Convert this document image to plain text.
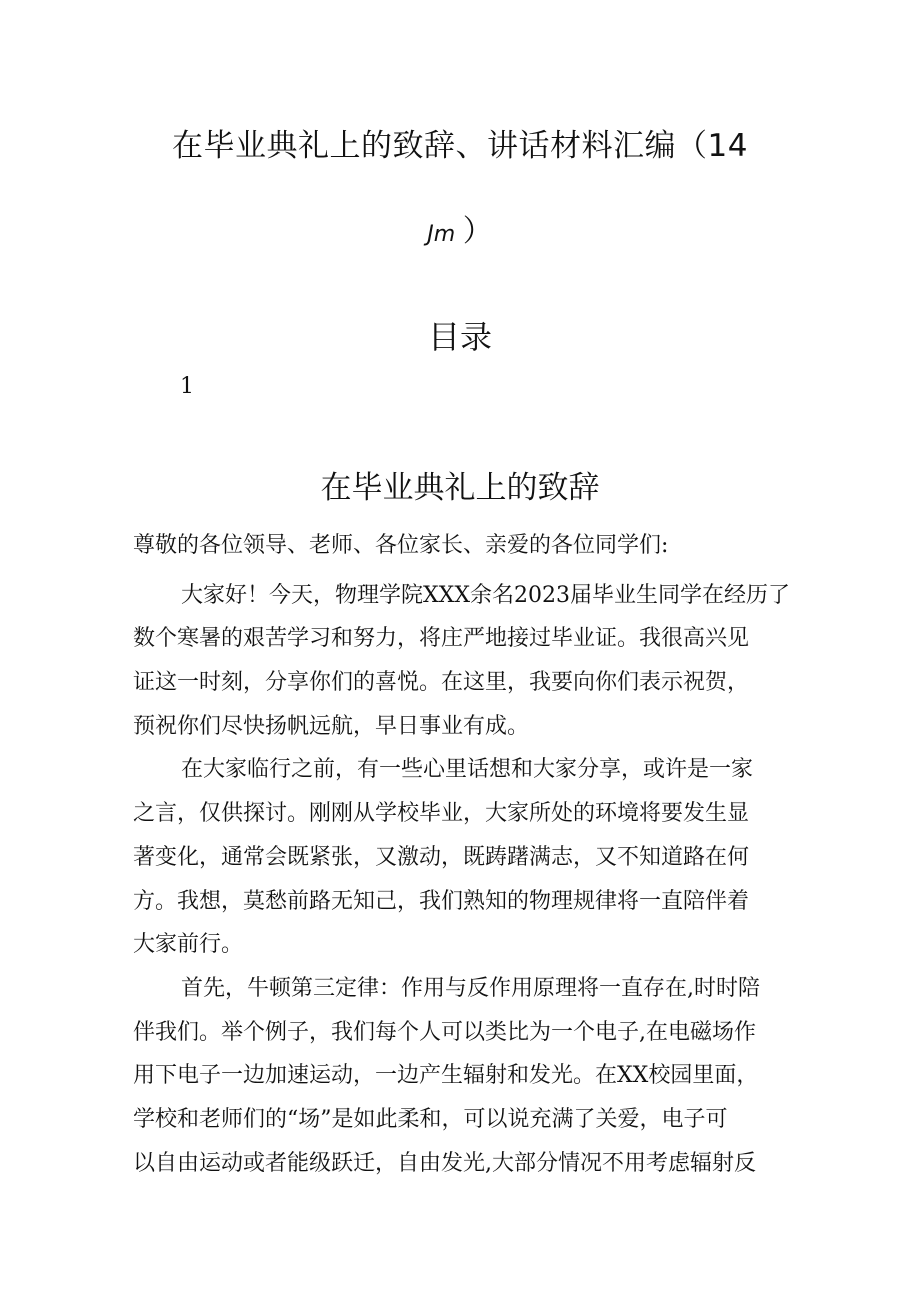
在毕业典礼上的致辞、讲话材料汇编（14
Jm ）
目录
1
在毕业典礼上的致辞
尊敬的各位领导、老师、各位家长、亲爱的各位同学们:
大家好！今天，物理学院XXX余名2023届毕业生同学在经历了
数个寒暑的艰苦学习和努力，将庄严地接过毕业证。我很高兴见
证这一时刻，分享你们的喜悦。在这里，我要向你们表示祝贺，
预祝你们尽快扬帆远航，早日事业有成。
在大家临行之前，有一些心里话想和大家分享，或许是一家
之言，仅供探讨。刚刚从学校毕业，大家所处的环境将要发生显
著变化，通常会既紧张，又激动，既踌躇满志，又不知道路在何
方。我想，莫愁前路无知己，我们熟知的物理规律将一直陪伴着
大家前行。
首先，牛顿第三定律：作用与反作用原理将一直存在,时时陪
伴我们。举个例子，我们每个人可以类比为一个电子,在电磁场作
用下电子一边加速运动，一边产生辐射和发光。在XX校园里面，
学校和老师们的“场”是如此柔和，可以说充满了关爱，电子可
以自由运动或者能级跃迁，自由发光,大部分情况不用考虑辐射反
